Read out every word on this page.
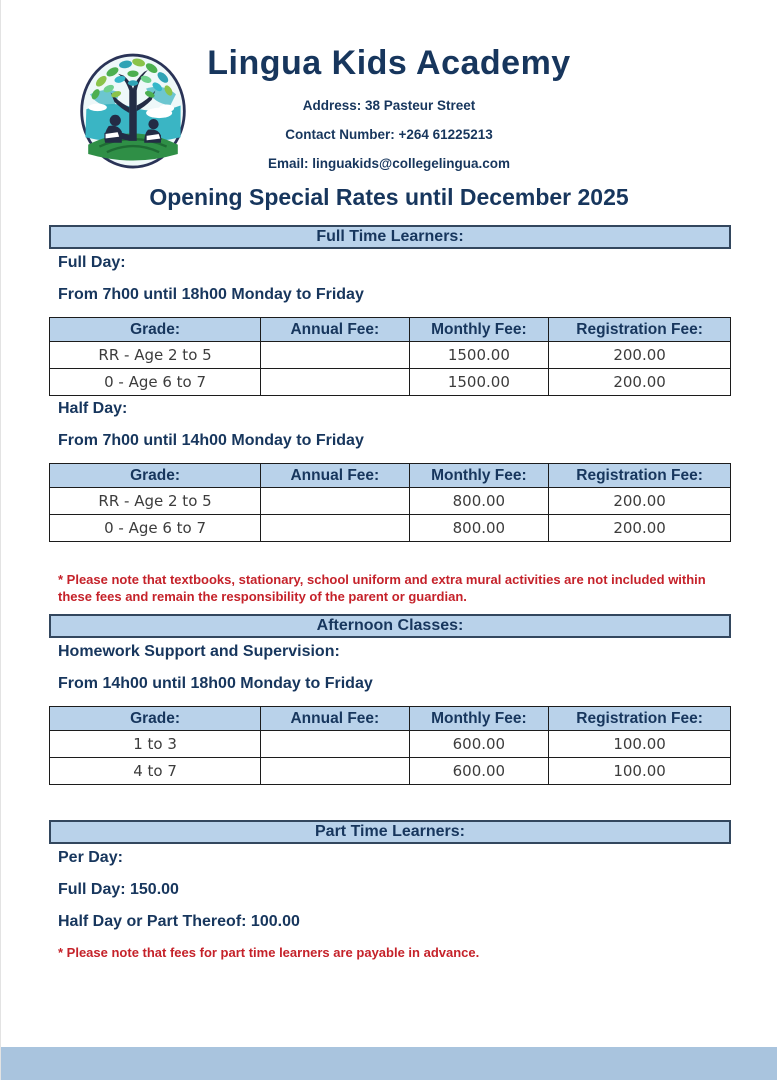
Lingua Kids Academy

Address: 38 Pasteur Street

Contact Number: +264 61225213

Email: linguakids@collegelingua.com

Opening Special Rates until December 2025
Full Time Learners:

Full Day:

From 7h00 until 18h00 Monday to Friday

Grade:	Annual Fee:	Monthly Fee:	Registration Fee:
RR - Age 2 to 5		1500.00	200.00
0 - Age 6 to 7		1500.00	200.00

Half Day:

From 7h00 until 14h00 Monday to Friday

Grade:	Annual Fee:	Monthly Fee:	Registration Fee:
RR - Age 2 to 5		800.00	200.00
0 - Age 6 to 7		800.00	200.00

* Please note that textbooks, stationary, school uniform and extra mural activities are not included within these fees and remain the responsibility of the parent or guardian.

Afternoon Classes:

Homework Support and Supervision:

From 14h00 until 18h00 Monday to Friday

Grade:	Annual Fee:	Monthly Fee:	Registration Fee:
1 to 3		600.00	100.00
4 to 7		600.00	100.00
Part Time Learners:

Per Day:

Full Day: 150.00

Half Day or Part Thereof: 100.00

* Please note that fees for part time learners are payable in advance.
